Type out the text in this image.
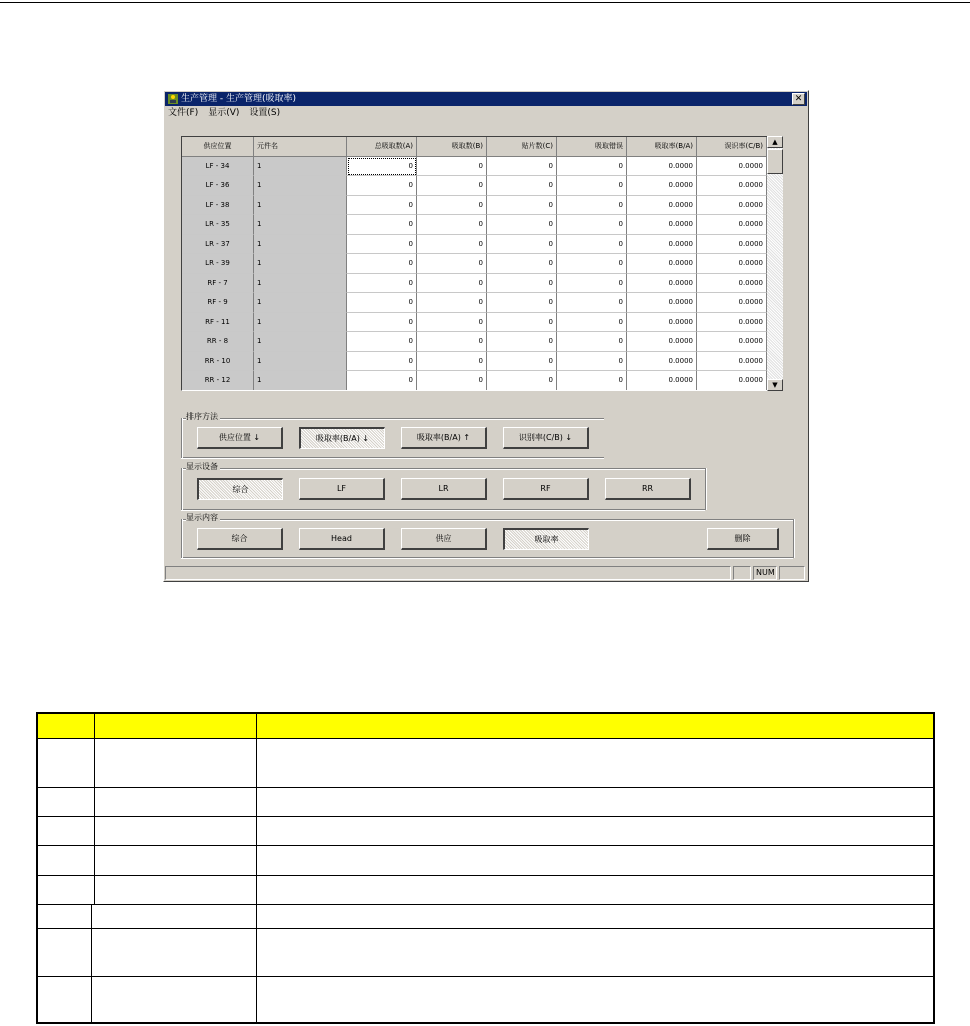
生产管理 - 生产管理(吸取率)	✕
文件(F) 显示(V) 设置(S)
供应位置	元件名	总吸取数(A)	吸取数(B)	贴片数(C)	吸取错误	吸取率(B/A)	误识率(C/B)
LF - 34	1	0	0	0	0	0.0000	0.0000
LF - 36	1	0	0	0	0	0.0000	0.0000
LF - 38	1	0	0	0	0	0.0000	0.0000
LR - 35	1	0	0	0	0	0.0000	0.0000
LR - 37	1	0	0	0	0	0.0000	0.0000
LR - 39	1	0	0	0	0	0.0000	0.0000
RF - 7	1	0	0	0	0	0.0000	0.0000
RF - 9	1	0	0	0	0	0.0000	0.0000
RF - 11	1	0	0	0	0	0.0000	0.0000
RR - 8	1	0	0	0	0	0.0000	0.0000
RR - 10	1	0	0	0	0	0.0000	0.0000
RR - 12	1	0	0	0	0	0.0000	0.0000
▲
▼
排序方法
供应位置 ↓	吸取率(B/A) ↓	吸取率(B/A) ↑	识别率(C/B) ↓
显示设备
综合	LF	LR	RF	RR
显示内容
综合	Head	供应	吸取率	删除
NUM
